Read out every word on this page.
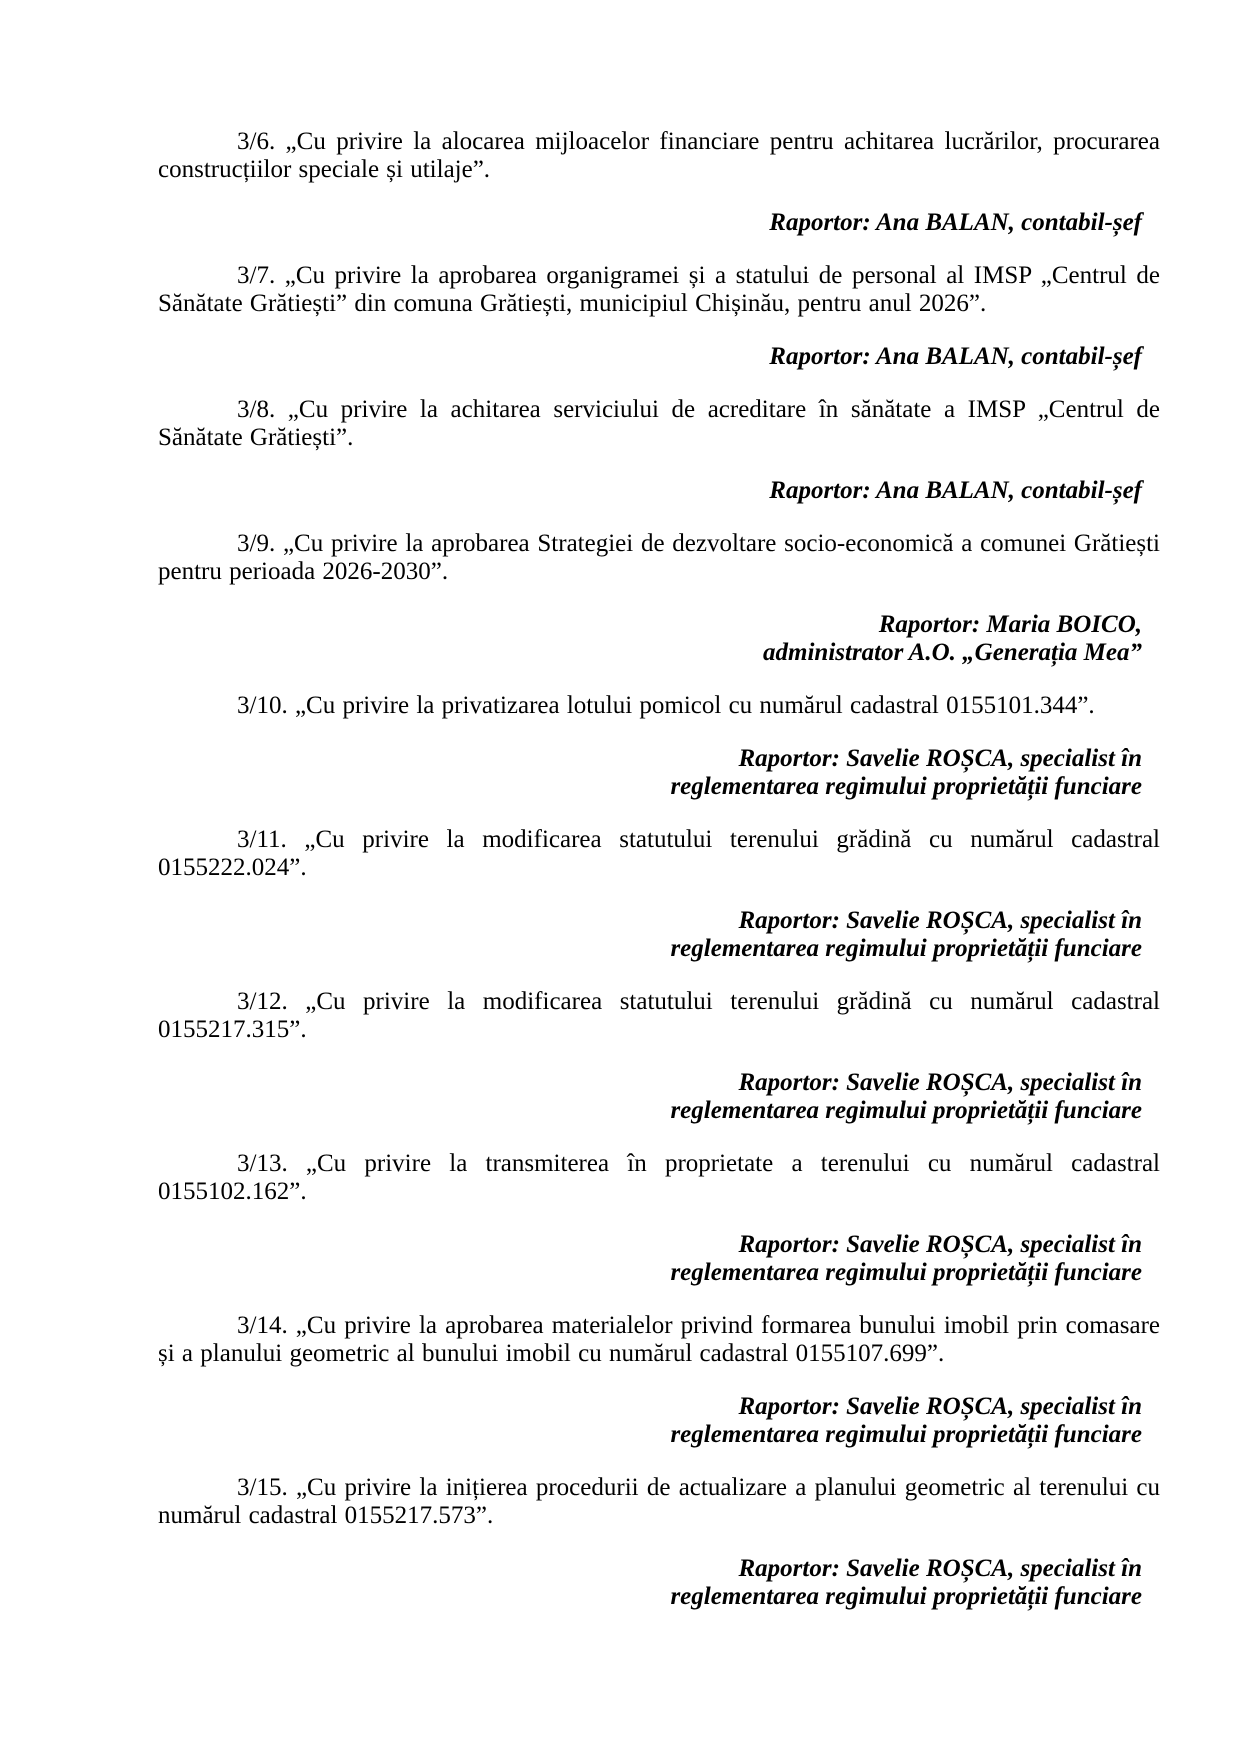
3/6. „Cu privire la alocarea mijloacelor financiare pentru achitarea lucrărilor, procurarea construcțiilor speciale și utilaje”.

Raportor: Ana BALAN, contabil-șef

3/7. „Cu privire la aprobarea organigramei și a statului de personal al IMSP „Centrul de Sănătate Grătiești” din comuna Grătiești, municipiul Chișinău, pentru anul 2026”.

Raportor: Ana BALAN, contabil-șef

3/8. „Cu privire la achitarea serviciului de acreditare în sănătate a IMSP „Centrul de Sănătate Grătiești”.

Raportor: Ana BALAN, contabil-șef

3/9. „Cu privire la aprobarea Strategiei de dezvoltare socio-economică a comunei Grătiești pentru perioada 2026-2030”.

Raportor: Maria BOICO,
administrator A.O. „Generația Mea”

3/10. „Cu privire la privatizarea lotului pomicol cu numărul cadastral 0155101.344”.

Raportor: Savelie ROȘCA, specialist în
reglementarea regimului proprietății funciare

3/11. „Cu privire la modificarea statutului terenului grădină cu numărul cadastral 0155222.024”.

Raportor: Savelie ROȘCA, specialist în
reglementarea regimului proprietății funciare

3/12. „Cu privire la modificarea statutului terenului grădină cu numărul cadastral 0155217.315”.

Raportor: Savelie ROȘCA, specialist în
reglementarea regimului proprietății funciare

3/13. „Cu privire la transmiterea în proprietate a terenului cu numărul cadastral 0155102.162”.

Raportor: Savelie ROȘCA, specialist în
reglementarea regimului proprietății funciare

3/14. „Cu privire la aprobarea materialelor privind formarea bunului imobil prin comasare și a planului geometric al bunului imobil cu numărul cadastral 0155107.699”.

Raportor: Savelie ROȘCA, specialist în
reglementarea regimului proprietății funciare

3/15. „Cu privire la inițierea procedurii de actualizare a planului geometric al terenului cu numărul cadastral 0155217.573”.

Raportor: Savelie ROȘCA, specialist în
reglementarea regimului proprietății funciare
